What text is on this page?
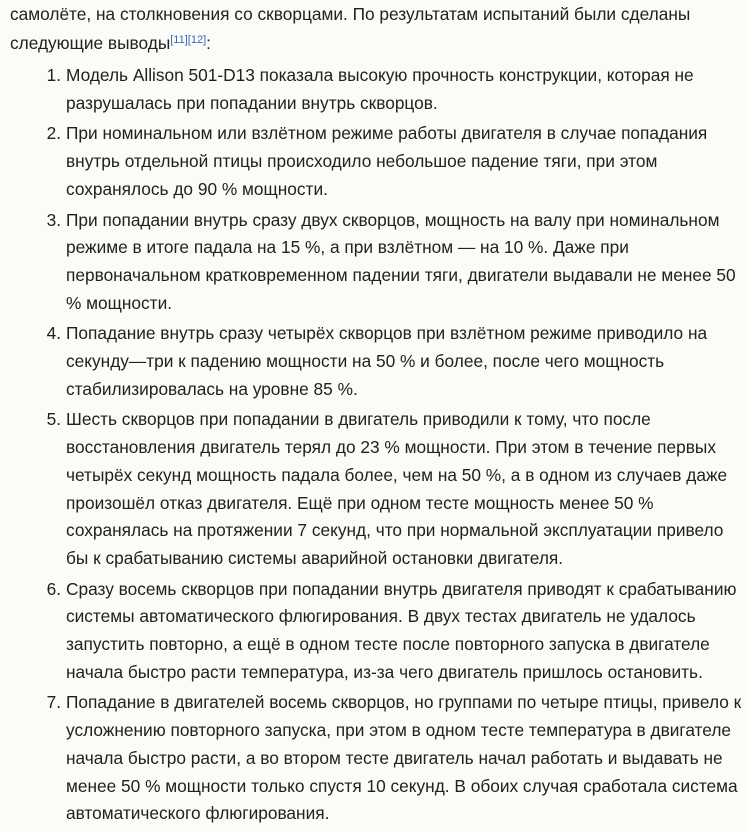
самолёте, на столкновения со скворцами. По результатам испытаний были сделаны
следующие выводы[11][12]:

1. Модель Allison 501-D13 показала высокую прочность конструкции, которая не разрушалась при попадании внутрь скворцов.
2. При номинальном или взлётном режиме работы двигателя в случае попадания внутрь отдельной птицы происходило небольшое падение тяги, при этом сохранялось до 90 % мощности.
3. При попадании внутрь сразу двух скворцов, мощность на валу при номинальном режиме в итоге падала на 15 %, а при взлётном — на 10 %. Даже при первоначальном кратковременном падении тяги, двигатели выдавали не менее 50 % мощности.
4. Попадание внутрь сразу четырёх скворцов при взлётном режиме приводило на секунду—три к падению мощности на 50 % и более, после чего мощность стабилизировалась на уровне 85 %.
5. Шесть скворцов при попадании в двигатель приводили к тому, что после восстановления двигатель терял до 23 % мощности. При этом в течение первых четырёх секунд мощность падала более, чем на 50 %, а в одном из случаев даже произошёл отказ двигателя. Ещё при одном тесте мощность менее 50 % сохранялась на протяжении 7 секунд, что при нормальной эксплуатации привело бы к срабатыванию системы аварийной остановки двигателя.
6. Сразу восемь скворцов при попадании внутрь двигателя приводят к срабатыванию системы автоматического флюгирования. В двух тестах двигатель не удалось запустить повторно, а ещё в одном тесте после повторного запуска в двигателе начала быстро расти температура, из-за чего двигатель пришлось остановить.
7. Попадание в двигателей восемь скворцов, но группами по четыре птицы, привело к усложнению повторного запуска, при этом в одном тесте температура в двигателе начала быстро расти, а во втором тесте двигатель начал работать и выдавать не менее 50 % мощности только спустя 10 секунд. В обоих случая сработала система автоматического флюгирования.
